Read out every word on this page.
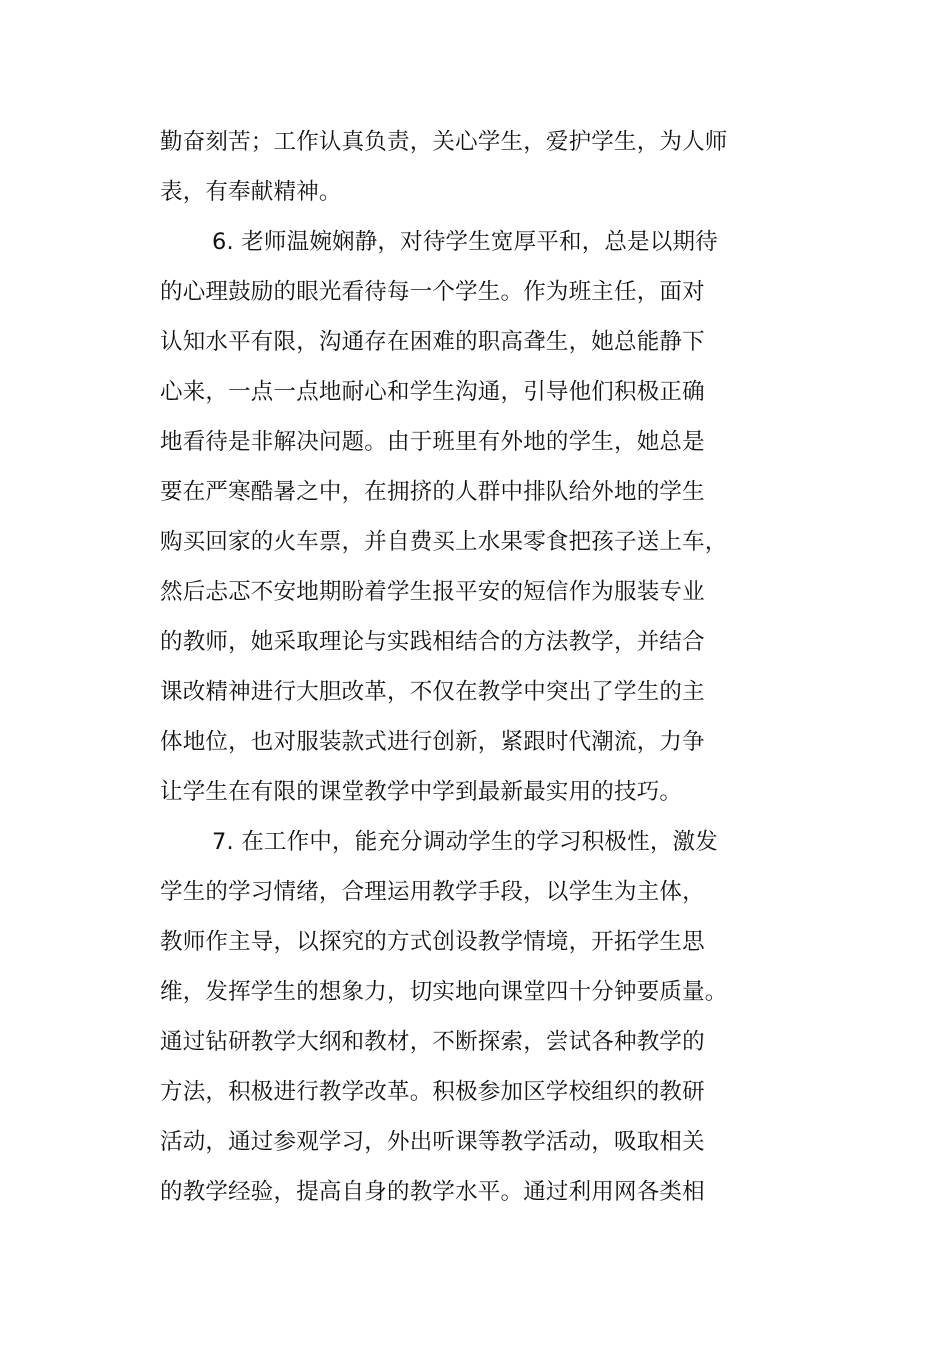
勤奋刻苦；工作认真负责，关心学生，爱护学生，为人师
表，有奉献精神。
6. 老师温婉娴静，对待学生宽厚平和，总是以期待
的心理鼓励的眼光看待每一个学生。作为班主任，面对
认知水平有限，沟通存在困难的职高聋生，她总能静下
心来，一点一点地耐心和学生沟通，引导他们积极正确
地看待是非解决问题。由于班里有外地的学生，她总是
要在严寒酷暑之中，在拥挤的人群中排队给外地的学生
购买回家的火车票，并自费买上水果零食把孩子送上车，
然后忐忑不安地期盼着学生报平安的短信作为服装专业
的教师，她采取理论与实践相结合的方法教学，并结合
课改精神进行大胆改革，不仅在教学中突出了学生的主
体地位，也对服装款式进行创新，紧跟时代潮流，力争
让学生在有限的课堂教学中学到最新最实用的技巧。
7. 在工作中，能充分调动学生的学习积极性，激发
学生的学习情绪，合理运用教学手段，以学生为主体，
教师作主导，以探究的方式创设教学情境，开拓学生思
维，发挥学生的想象力，切实地向课堂四十分钟要质量。
通过钻研教学大纲和教材，不断探索，尝试各种教学的
方法，积极进行教学改革。积极参加区学校组织的教研
活动，通过参观学习，外出听课等教学活动，吸取相关
的教学经验，提高自身的教学水平。通过利用网各类相
